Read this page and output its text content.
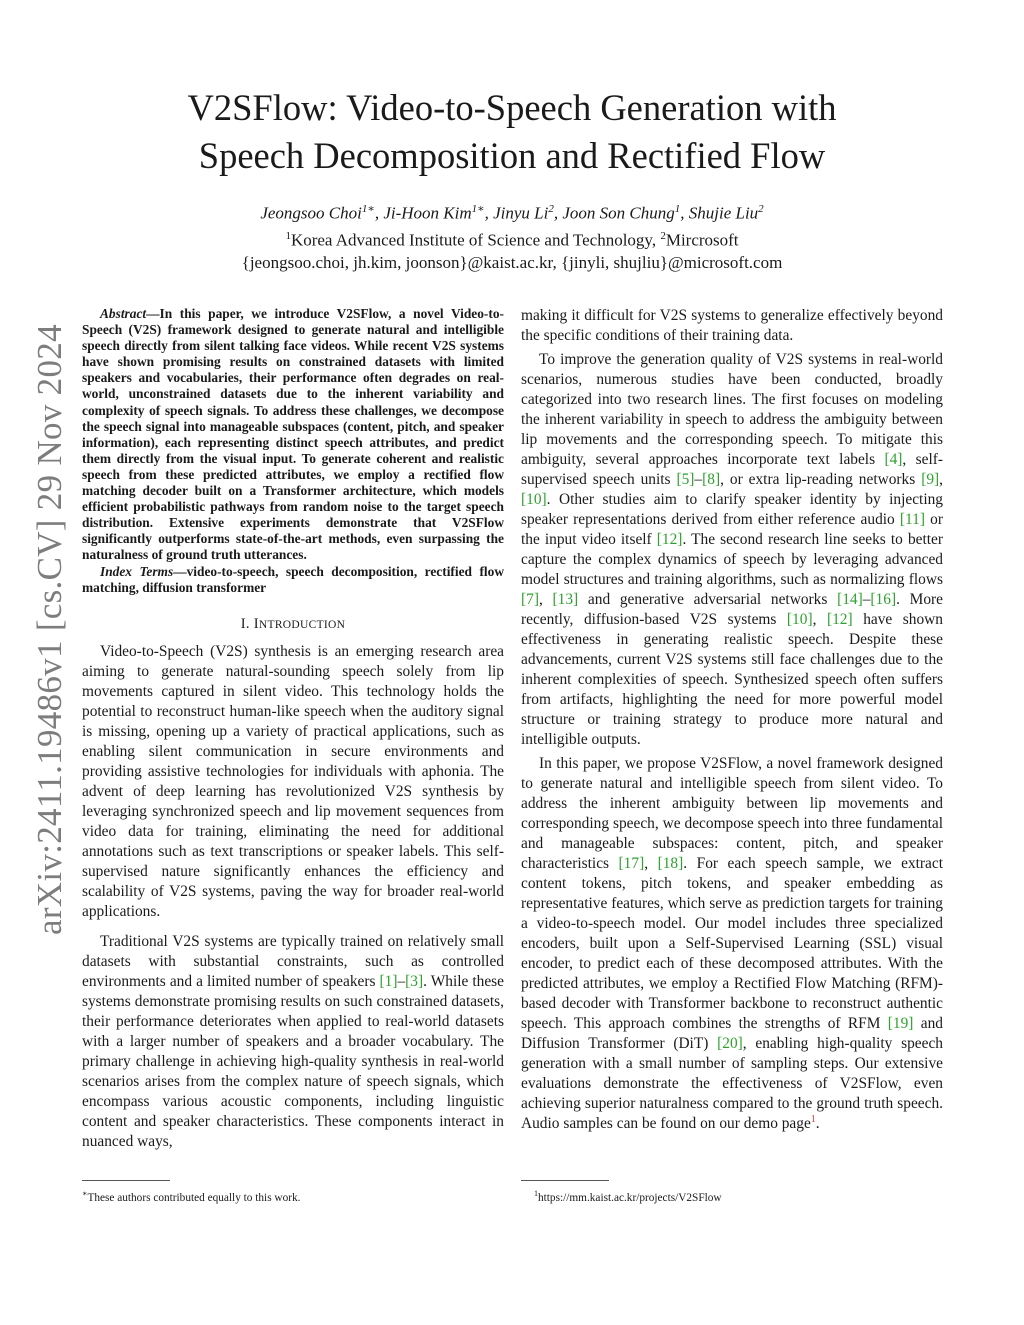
arXiv:2411.19486v1 [cs.CV] 29 Nov 2024
V2SFlow: Video-to-Speech Generation with
Speech Decomposition and Rectified Flow
Jeongsoo Choi$^{1∗}$, Ji-Hoon Kim$^{1∗}$, Jinyu Li$^2$, Joon Son Chung$^1$, Shujie Liu$^2$
$^1$Korea Advanced Institute of Science and Technology, $^2$Mircrosoft
{jeongsoo.choi, jh.kim, joonson}@kaist.ac.kr, {jinyli, shujliu}@microsoft.com

Abstract—In this paper, we introduce V2SFlow, a novel Video-to-Speech (V2S) framework designed to generate natural and intelligible speech directly from silent talking face videos. While recent V2S systems have shown promising results on constrained datasets with limited speakers and vocabularies, their performance often degrades on real-world, unconstrained datasets due to the inherent variability and complexity of speech signals. To address these challenges, we decompose the speech signal into manageable subspaces (content, pitch, and speaker information), each representing distinct speech attributes, and predict them directly from the visual input. To generate coherent and realistic speech from these predicted attributes, we employ a rectified flow matching decoder built on a Transformer architecture, which models efficient probabilistic pathways from random noise to the target speech distribution. Extensive experiments demonstrate that V2SFlow significantly outperforms state-of-the-art methods, even surpassing the naturalness of ground truth utterances.

Index Terms—video-to-speech, speech decomposition, rectified flow matching, diffusion transformer

I. INTRODUCTION

Video-to-Speech (V2S) synthesis is an emerging research area aiming to generate natural-sounding speech solely from lip movements captured in silent video. This technology holds the potential to reconstruct human-like speech when the auditory signal is missing, opening up a variety of practical applications, such as enabling silent communication in secure environments and providing assistive technologies for individuals with aphonia. The advent of deep learning has revolutionized V2S synthesis by leveraging synchronized speech and lip movement sequences from video data for training, eliminating the need for additional annotations such as text transcriptions or speaker labels. This self-supervised nature significantly enhances the efficiency and scalability of V2S systems, paving the way for broader real-world applications.

Traditional V2S systems are typically trained on relatively small datasets with substantial constraints, such as controlled environments and a limited number of speakers [1]–[3]. While these systems demonstrate promising results on such constrained datasets, their performance deteriorates when applied to real-world datasets with a larger number of speakers and a broader vocabulary. The primary challenge in achieving high-quality synthesis in real-world scenarios arises from the complex nature of speech signals, which encompass various acoustic components, including linguistic content and speaker characteristics. These components interact in nuanced ways,

making it difficult for V2S systems to generalize effectively beyond the specific conditions of their training data.

To improve the generation quality of V2S systems in real-world scenarios, numerous studies have been conducted, broadly categorized into two research lines. The first focuses on modeling the inherent variability in speech to address the ambiguity between lip movements and the corresponding speech. To mitigate this ambiguity, several approaches incorporate text labels [4], self-supervised speech units [5]–[8], or extra lip-reading networks [9], [10]. Other studies aim to clarify speaker identity by injecting speaker representations derived from either reference audio [11] or the input video itself [12]. The second research line seeks to better capture the complex dynamics of speech by leveraging advanced model structures and training algorithms, such as normalizing flows [7], [13] and generative adversarial networks [14]–[16]. More recently, diffusion-based V2S systems [10], [12] have shown effectiveness in generating realistic speech. Despite these advancements, current V2S systems still face challenges due to the inherent complexities of speech. Synthesized speech often suffers from artifacts, highlighting the need for more powerful model structure or training strategy to produce more natural and intelligible outputs.

In this paper, we propose V2SFlow, a novel framework designed to generate natural and intelligible speech from silent video. To address the inherent ambiguity between lip movements and corresponding speech, we decompose speech into three fundamental and manageable subspaces: content, pitch, and speaker characteristics [17], [18]. For each speech sample, we extract content tokens, pitch tokens, and speaker embedding as representative features, which serve as prediction targets for training a video-to-speech model. Our model includes three specialized encoders, built upon a Self-Supervised Learning (SSL) visual encoder, to predict each of these decomposed attributes. With the predicted attributes, we employ a Rectified Flow Matching (RFM)-based decoder with Transformer backbone to reconstruct authentic speech. This approach combines the strengths of RFM [19] and Diffusion Transformer (DiT) [20], enabling high-quality speech generation with a small number of sampling steps. Our extensive evaluations demonstrate the effectiveness of V2SFlow, even achieving superior naturalness compared to the ground truth speech. Audio samples can be found on our demo page$^1$.

∗These authors contributed equally to this work.	$^1$https://mm.kaist.ac.kr/projects/V2SFlow
